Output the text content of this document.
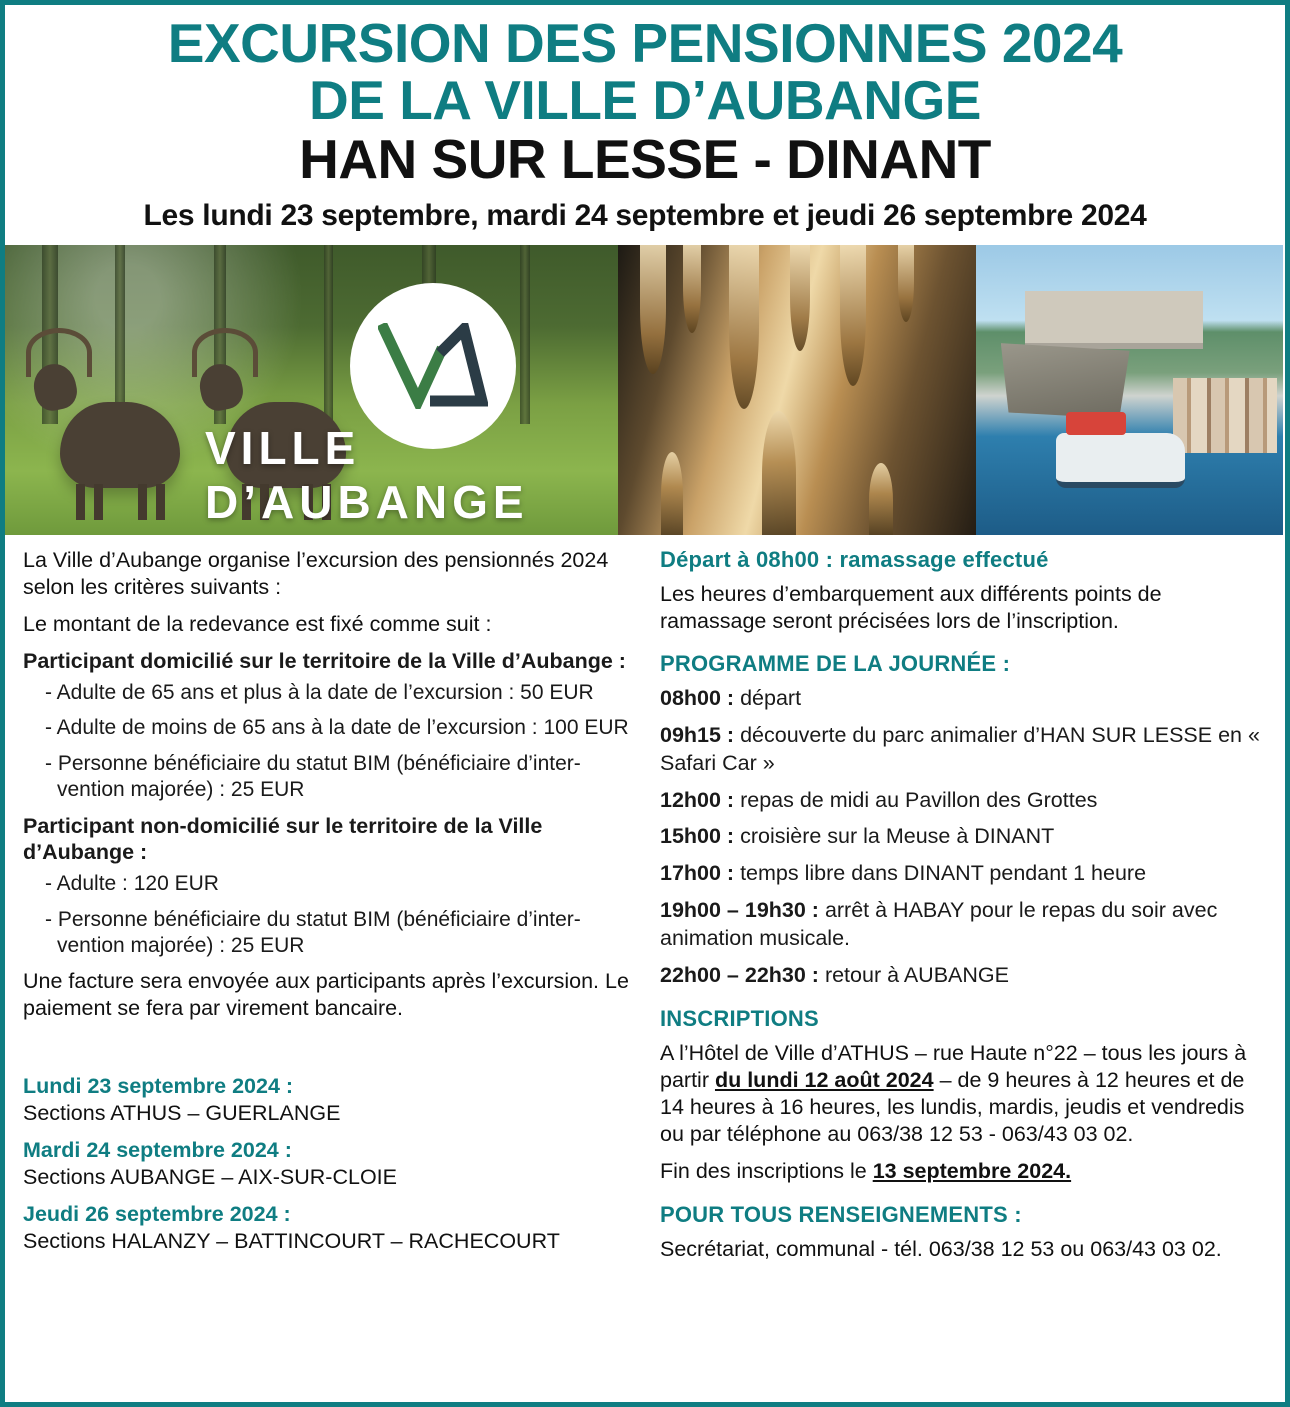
EXCURSION DES PENSIONNES 2024
DE LA VILLE D’AUBANGE
HAN SUR LESSE - DINANT
Les lundi 23 septembre, mardi 24 septembre et jeudi 26 septembre 2024
VILLE D’AUBANGE

La Ville d’Aubange organise l’excursion des pensionnés 2024 selon les critères suivants :

Le montant de la redevance est fixé comme suit :

Participant domicilié sur le territoire de la Ville d’Aubange :
- Adulte de 65 ans et plus à la date de l’excursion : 50 EUR
- Adulte de moins de 65 ans à la date de l’excursion : 100 EUR
- Personne bénéficiaire du statut BIM (bénéficiaire d’inter-vention majorée) : 25 EUR
Participant non-domicilié sur le territoire de la Ville d’Aubange :
- Adulte : 120 EUR
- Personne bénéficiaire du statut BIM (bénéficiaire d’inter-vention majorée) : 25 EUR

Une facture sera envoyée aux participants après l’excursion. Le paiement se fera par virement bancaire.

Lundi 23 septembre 2024 :
Sections ATHUS – GUERLANGE
Mardi 24 septembre 2024 :
Sections AUBANGE – AIX-SUR-CLOIE
Jeudi 26 septembre 2024 :
Sections HALANZY – BATTINCOURT – RACHECOURT
Départ à 08h00 : ramassage effectué

Les heures d’embarquement aux différents points de ramassage seront précisées lors de l’inscription.

PROGRAMME DE LA JOURNÉE :
08h00 : départ
09h15 : découverte du parc animalier d’HAN SUR LESSE en « Safari Car »
12h00 : repas de midi au Pavillon des Grottes
15h00 : croisière sur la Meuse à DINANT
17h00 : temps libre dans DINANT pendant 1 heure
19h00 – 19h30 : arrêt à HABAY pour le repas du soir avec animation musicale.
22h00 – 22h30 : retour à AUBANGE
INSCRIPTIONS

A l’Hôtel de Ville d’ATHUS – rue Haute n°22 – tous les jours à partir du lundi 12 août 2024 – de 9 heures à 12 heures et de 14 heures à 16 heures, les lundis, mardis, jeudis et vendredis ou par téléphone au 063/38 12 53 - 063/43 03 02.

Fin des inscriptions le 13 septembre 2024.

POUR TOUS RENSEIGNEMENTS :

Secrétariat, communal - tél. 063/38 12 53 ou 063/43 03 02.
